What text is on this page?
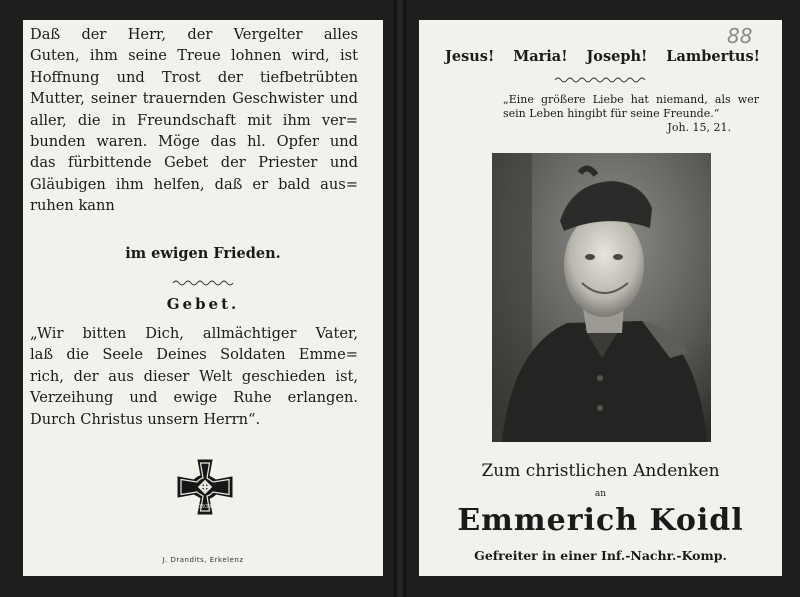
Daß der Herr, der Vergelter alles
Guten, ihm seine Treue lohnen wird, ist
Hoffnung und Trost der tiefbetrübten
Mutter, seiner trauernden Geschwister und
aller, die in Freundschaft mit ihm ver=
bunden waren. Möge das hl. Opfer und
das fürbittende Gebet der Priester und
Gläubigen ihm helfen, daß er bald aus=
ruhen kann
im ewigen Frieden.
Gebet.
„Wir bitten Dich, allmächtiger Vater,
laß die Seele Deines Soldaten Emme=
rich, der aus dieser Welt geschieden ist,
Verzeihung und ewige Ruhe erlangen.
Durch Christus unsern Herrn“.
1939
J. Drandits, Erkelenz
88
Jesus! Maria! Joseph! Lambertus!
„Eine größere Liebe hat niemand, als wer
sein Leben hingibt für seine Freunde.“
Joh. 15, 21.
Zum christlichen Andenken
an
Emmerich Koidl
Gefreiter in einer Inf.-Nachr.-Komp.
